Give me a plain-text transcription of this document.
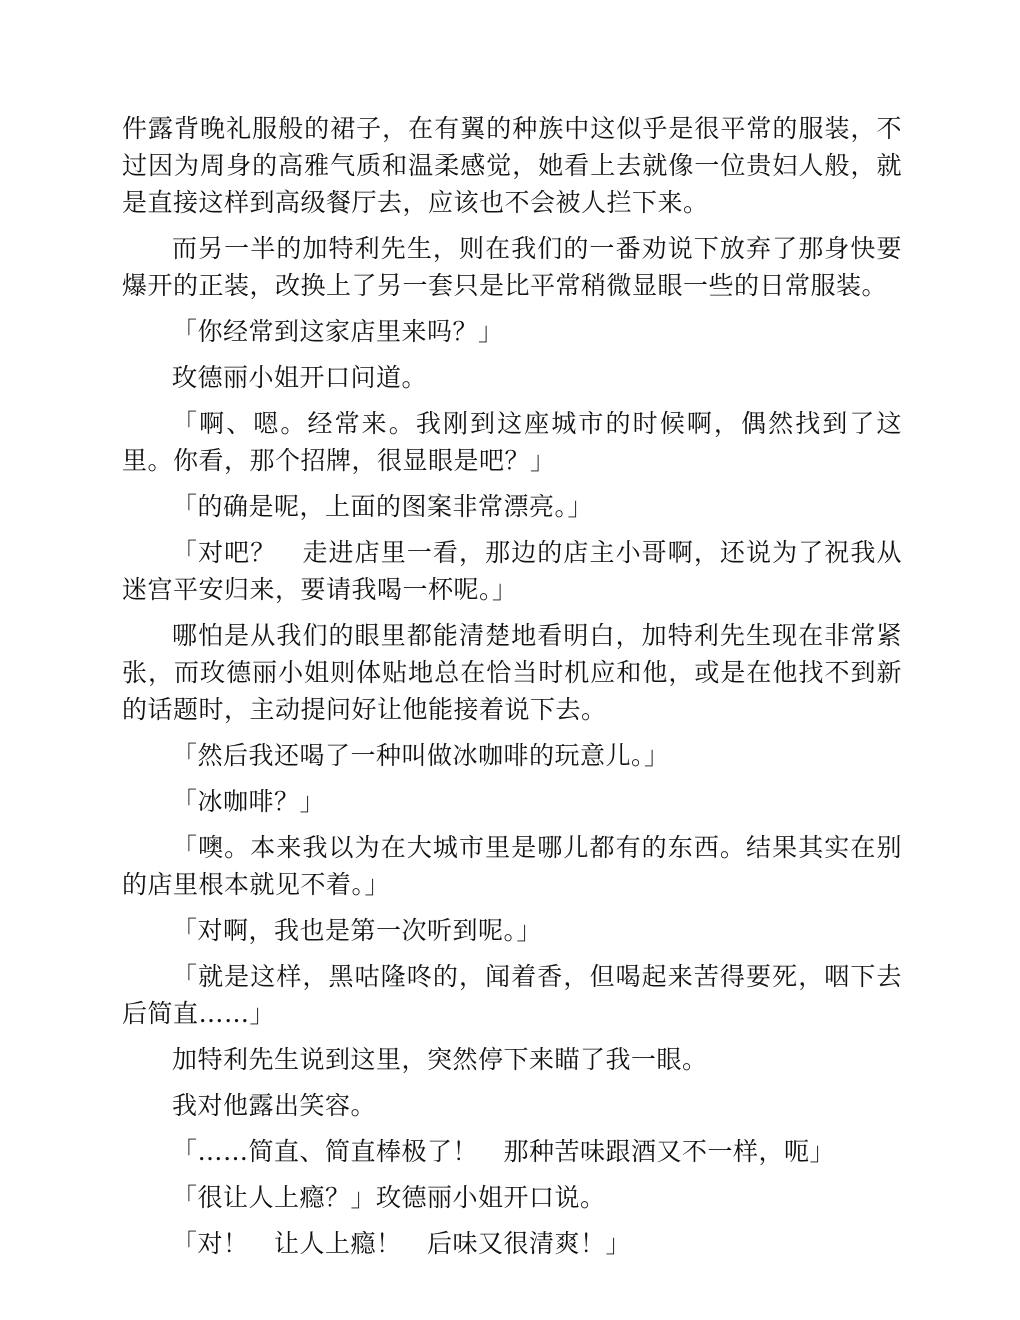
件露背晚礼服般的裙子，在有翼的种族中这似乎是很平常的服装，不过因为周身的高雅气质和温柔感觉，她看上去就像一位贵妇人般，就是直接这样到高级餐厅去，应该也不会被人拦下来。

而另一半的加特利先生，则在我们的一番劝说下放弃了那身快要爆开的正装，改换上了另一套只是比平常稍微显眼一些的日常服装。

「你经常到这家店里来吗？」

玫德丽小姐开口问道。

「啊、嗯。经常来。我刚到这座城市的时候啊，偶然找到了这里。你看，那个招牌，很显眼是吧？」

「的确是呢，上面的图案非常漂亮。」

「对吧？　走进店里一看，那边的店主小哥啊，还说为了祝我从迷宫平安归来，要请我喝一杯呢。」

哪怕是从我们的眼里都能清楚地看明白，加特利先生现在非常紧张，而玫德丽小姐则体贴地总在恰当时机应和他，或是在他找不到新的话题时，主动提问好让他能接着说下去。

「然后我还喝了一种叫做冰咖啡的玩意儿。」

「冰咖啡？」

「噢。本来我以为在大城市里是哪儿都有的东西。结果其实在别的店里根本就见不着。」

「对啊，我也是第一次听到呢。」

「就是这样，黑咕隆咚的，闻着香，但喝起来苦得要死，咽下去后简直……」

加特利先生说到这里，突然停下来瞄了我一眼。

我对他露出笑容。

「……简直、简直棒极了！　那种苦味跟酒又不一样，呃」

「很让人上瘾？」玫德丽小姐开口说。

「对！　让人上瘾！　后味又很清爽！」
